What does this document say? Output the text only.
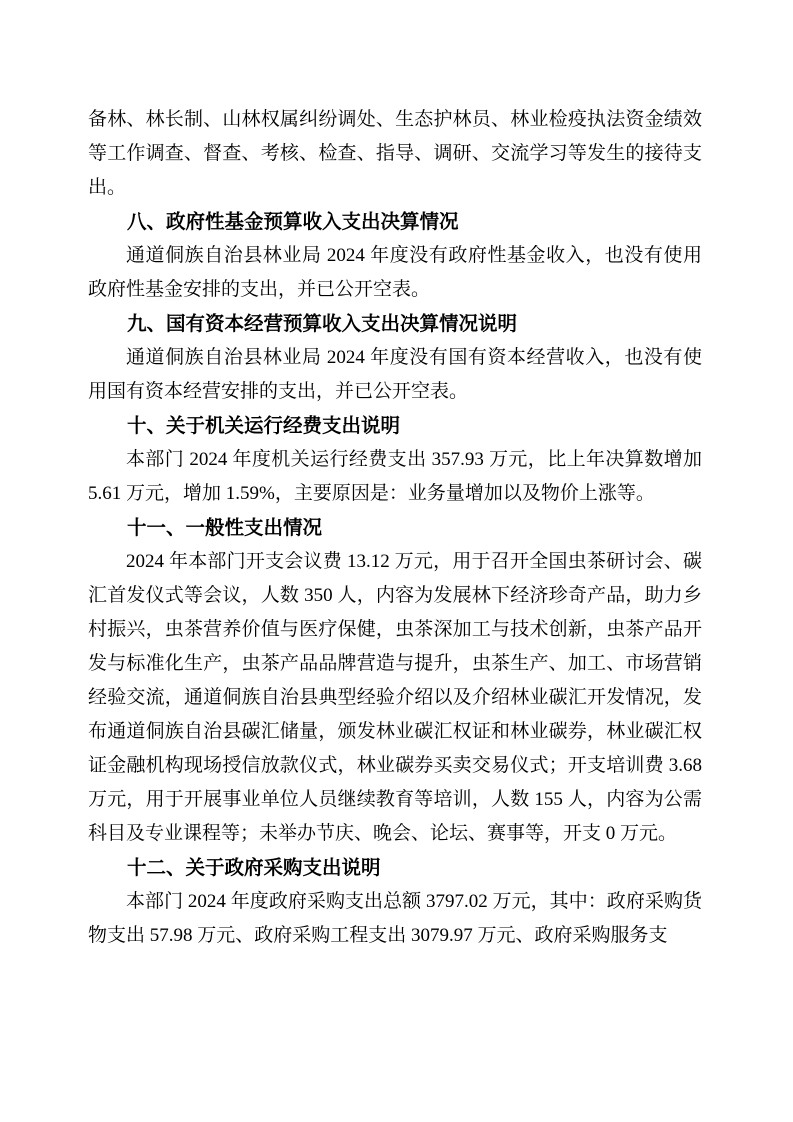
备林、林长制、山林权属纠纷调处、生态护林员、林业检疫执法资金绩效等工作调查、督查、考核、检查、指导、调研、交流学习等发生的接待支出。
八、政府性基金预算收入支出决算情况
通道侗族自治县林业局 2024 年度没有政府性基金收入，也没有使用政府性基金安排的支出，并已公开空表。
九、国有资本经营预算收入支出决算情况说明
通道侗族自治县林业局 2024 年度没有国有资本经营收入，也没有使用国有资本经营安排的支出，并已公开空表。
十、关于机关运行经费支出说明
本部门 2024 年度机关运行经费支出 357.93 万元，比上年决算数增加 5.61 万元，增加 1.59%，主要原因是：业务量增加以及物价上涨等。
十一、一般性支出情况
2024 年本部门开支会议费 13.12 万元，用于召开全国虫茶研讨会、碳汇首发仪式等会议，人数 350 人，内容为发展林下经济珍奇产品，助力乡村振兴，虫茶营养价值与医疗保健，虫茶深加工与技术创新，虫茶产品开发与标准化生产，虫茶产品品牌营造与提升，虫茶生产、加工、市场营销经验交流，通道侗族自治县典型经验介绍以及介绍林业碳汇开发情况，发布通道侗族自治县碳汇储量，颁发林业碳汇权证和林业碳券，林业碳汇权证金融机构现场授信放款仪式，林业碳券买卖交易仪式；开支培训费 3.68 万元，用于开展事业单位人员继续教育等培训，人数 155 人，内容为公需科目及专业课程等；未举办节庆、晚会、论坛、赛事等，开支 0 万元。
十二、关于政府采购支出说明
本部门 2024 年度政府采购支出总额 3797.02 万元，其中：政府采购货物支出 57.98 万元、政府采购工程支出 3079.97 万元、政府采购服务支
